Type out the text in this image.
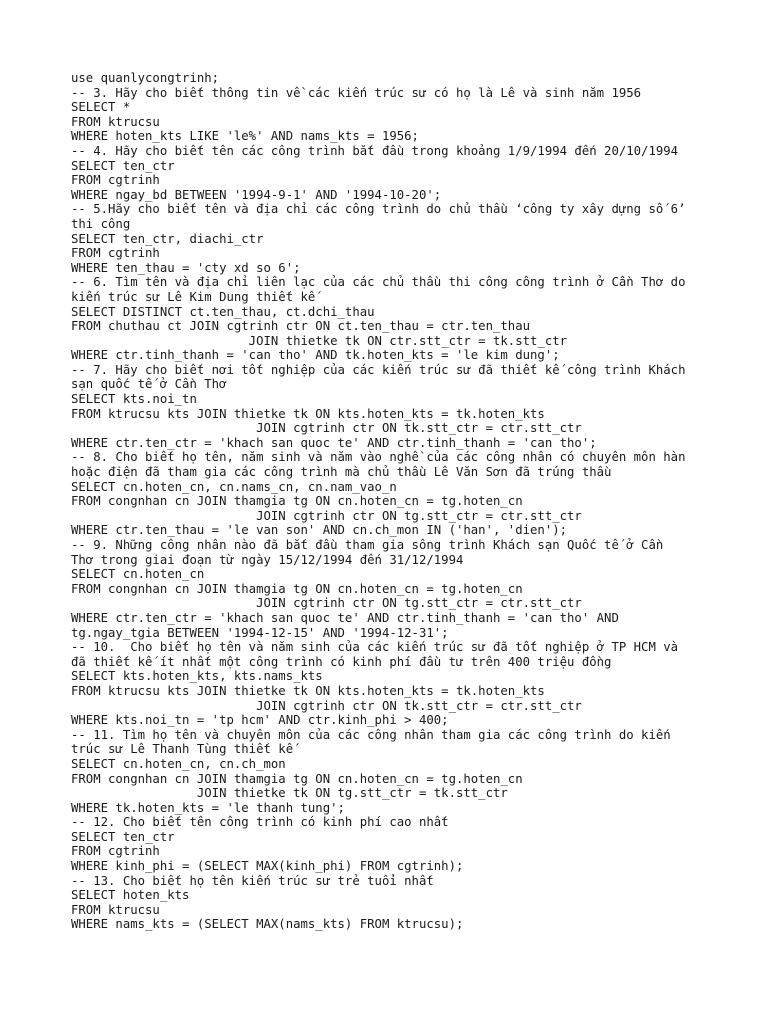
use quanlycongtrinh;
-- 3. Hãy cho biết thông tin về các kiến trúc sư có họ là Lê và sinh năm 1956
SELECT *
FROM ktrucsu
WHERE hoten_kts LIKE 'le%' AND nams_kts = 1956;
-- 4. Hãy cho biết tên các công trình bắt đầu trong khoảng 1/9/1994 đến 20/10/1994
SELECT ten_ctr
FROM cgtrinh
WHERE ngay_bd BETWEEN '1994-9-1' AND '1994-10-20';
-- 5.Hãy cho biết tên và địa chỉ các công trình do chủ thầu ‘công ty xây dựng số 6’
thi công
SELECT ten_ctr, diachi_ctr
FROM cgtrinh
WHERE ten_thau = 'cty xd so 6';
-- 6. Tìm tên và địa chỉ liên lạc của các chủ thầu thi công công trình ở Cần Thơ do
kiến trúc sư Lê Kim Dung thiết kế
SELECT DISTINCT ct.ten_thau, ct.dchi_thau
FROM chuthau ct JOIN cgtrinh ctr ON ct.ten_thau = ctr.ten_thau
JOIN thietke tk ON ctr.stt_ctr = tk.stt_ctr
WHERE ctr.tinh_thanh = 'can tho' AND tk.hoten_kts = 'le kim dung';
-- 7. Hãy cho biết nơi tốt nghiệp của các kiến trúc sư đã thiết kế công trình Khách
sạn quốc tế ở Cần Thơ
SELECT kts.noi_tn
FROM ktrucsu kts JOIN thietke tk ON kts.hoten_kts = tk.hoten_kts
JOIN cgtrinh ctr ON tk.stt_ctr = ctr.stt_ctr
WHERE ctr.ten_ctr = 'khach san quoc te' AND ctr.tinh_thanh = 'can tho';
-- 8. Cho biết họ tên, năm sinh và năm vào nghề của các công nhân có chuyên môn hàn
hoặc điện đã tham gia các công trình mà chủ thầu Lê Văn Sơn đã trúng thầu
SELECT cn.hoten_cn, cn.nams_cn, cn.nam_vao_n
FROM congnhan cn JOIN thamgia tg ON cn.hoten_cn = tg.hoten_cn
JOIN cgtrinh ctr ON tg.stt_ctr = ctr.stt_ctr
WHERE ctr.ten_thau = 'le van son' AND cn.ch_mon IN ('han', 'dien');
-- 9. Những công nhân nào đã bắt đầu tham gia sông trình Khách sạn Quốc tế ở Cần
Thơ trong giai đoạn từ ngày 15/12/1994 đến 31/12/1994
SELECT cn.hoten_cn
FROM congnhan cn JOIN thamgia tg ON cn.hoten_cn = tg.hoten_cn
JOIN cgtrinh ctr ON tg.stt_ctr = ctr.stt_ctr
WHERE ctr.ten_ctr = 'khach san quoc te' AND ctr.tinh_thanh = 'can tho' AND
tg.ngay_tgia BETWEEN '1994-12-15' AND '1994-12-31';
-- 10.  Cho biết họ tên và năm sinh của các kiến trúc sư đã tốt nghiệp ở TP HCM và
đã thiết kế ít nhất một công trình có kinh phí đầu tư trên 400 triệu đồng
SELECT kts.hoten_kts, kts.nams_kts
FROM ktrucsu kts JOIN thietke tk ON kts.hoten_kts = tk.hoten_kts
JOIN cgtrinh ctr ON tk.stt_ctr = ctr.stt_ctr
WHERE kts.noi_tn = 'tp hcm' AND ctr.kinh_phi > 400;
-- 11. Tìm họ tên và chuyên môn của các công nhân tham gia các công trình do kiến
trúc sư Lê Thanh Tùng thiết kế
SELECT cn.hoten_cn, cn.ch_mon
FROM congnhan cn JOIN thamgia tg ON cn.hoten_cn = tg.hoten_cn
JOIN thietke tk ON tg.stt_ctr = tk.stt_ctr
WHERE tk.hoten_kts = 'le thanh tung';
-- 12. Cho biết tên công trình có kinh phí cao nhất
SELECT ten_ctr
FROM cgtrinh
WHERE kinh_phi = (SELECT MAX(kinh_phi) FROM cgtrinh);
-- 13. Cho biết họ tên kiến trúc sư trẻ tuổi nhất
SELECT hoten_kts
FROM ktrucsu
WHERE nams_kts = (SELECT MAX(nams_kts) FROM ktrucsu);
